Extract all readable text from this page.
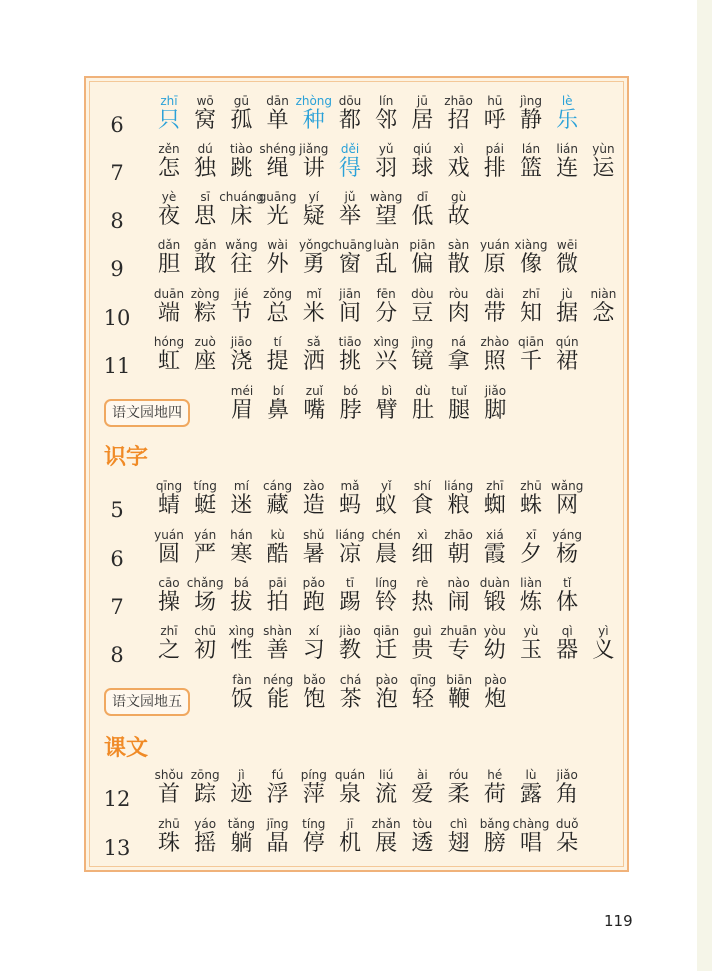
6
zhī
只
wō
窝
gū
孤
dān
单
zhòng
种
dōu
都
lín
邻
jū
居
zhāo
招
hū
呼
jìng
静
lè
乐
7
zěn
怎
dú
独
tiào
跳
shéng
绳
jiǎng
讲
děi
得
yǔ
羽
qiú
球
xì
戏
pái
排
lán
篮
lián
连
yùn
运
8
yè
夜
sī
思
chuáng
床
guāng
光
yí
疑
jǔ
举
wàng
望
dī
低
gù
故
9
dǎn
胆
gǎn
敢
wǎng
往
wài
外
yǒng
勇
chuāng
窗
luàn
乱
piān
偏
sàn
散
yuán
原
xiàng
像
wēi
微
10
duān
端
zòng
粽
jié
节
zǒng
总
mǐ
米
jiān
间
fēn
分
dòu
豆
ròu
肉
dài
带
zhī
知
jù
据
niàn
念
11
hóng
虹
zuò
座
jiāo
浇
tí
提
sǎ
洒
tiāo
挑
xìng
兴
jìng
镜
ná
拿
zhào
照
qiān
千
qún
裙
语文园地四
méi
眉
bí
鼻
zuǐ
嘴
bó
脖
bì
臂
dù
肚
tuǐ
腿
jiǎo
脚
识字
5
qīng
蜻
tíng
蜓
mí
迷
cáng
藏
zào
造
mǎ
蚂
yǐ
蚁
shí
食
liáng
粮
zhī
蜘
zhū
蛛
wǎng
网
6
yuán
圆
yán
严
hán
寒
kù
酷
shǔ
暑
liáng
凉
chén
晨
xì
细
zhāo
朝
xiá
霞
xī
夕
yáng
杨
7
cāo
操
chǎng
场
bá
拔
pāi
拍
pǎo
跑
tī
踢
líng
铃
rè
热
nào
闹
duàn
锻
liàn
炼
tǐ
体
8
zhī
之
chū
初
xìng
性
shàn
善
xí
习
jiào
教
qiān
迁
guì
贵
zhuān
专
yòu
幼
yù
玉
qì
器
yì
义
语文园地五
fàn
饭
néng
能
bǎo
饱
chá
茶
pào
泡
qīng
轻
biān
鞭
pào
炮
课文
12
shǒu
首
zōng
踪
jì
迹
fú
浮
píng
萍
quán
泉
liú
流
ài
爱
róu
柔
hé
荷
lù
露
jiǎo
角
13
zhū
珠
yáo
摇
tǎng
躺
jīng
晶
tíng
停
jī
机
zhǎn
展
tòu
透
chì
翅
bǎng
膀
chàng
唱
duǒ
朵
119
